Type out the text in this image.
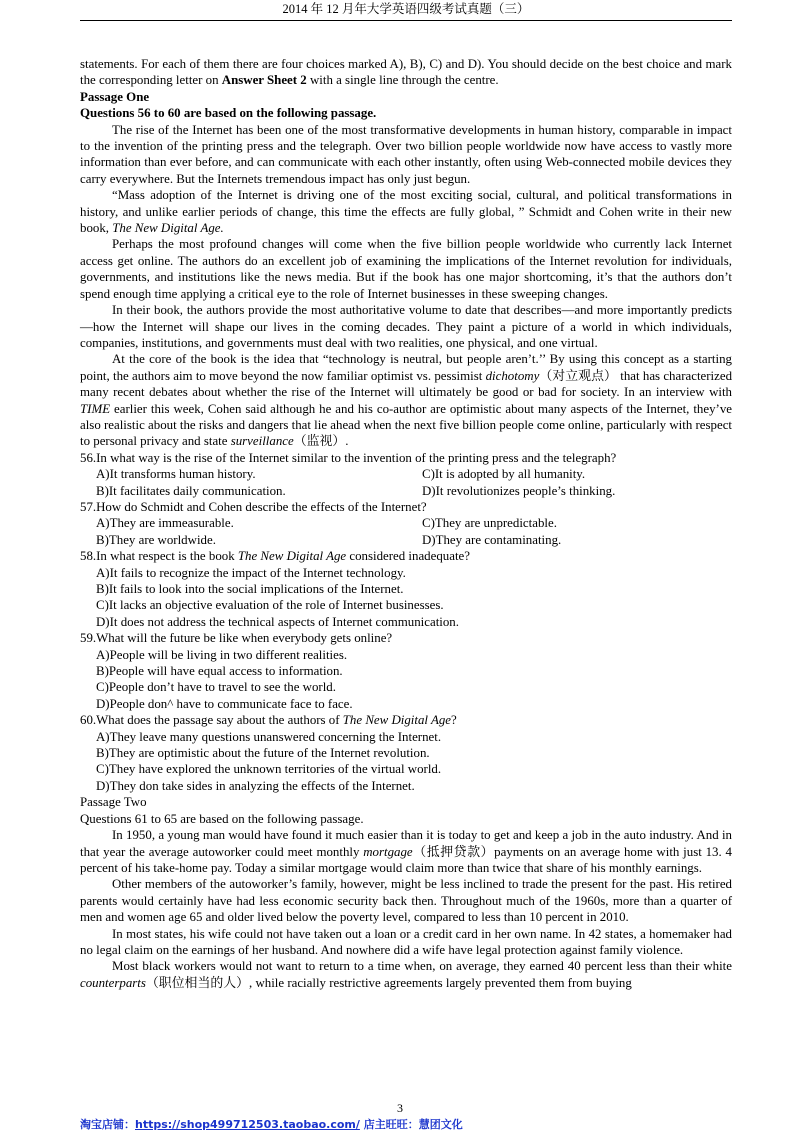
2014 年 12 月年大学英语四级考试真题（三）

statements. For each of them there are four choices marked A), B), C) and D). You should decide on the best choice and mark the corresponding letter on Answer Sheet 2 with a single line through the centre.

Passage One

Questions 56 to 60 are based on the following passage.

The rise of the Internet has been one of the most transformative developments in human history, comparable in impact to the invention of the printing press and the telegraph. Over two billion people worldwide now have access to vastly more information than ever before, and can communicate with each other instantly, often using Web-connected mobile devices they carry everywhere. But the Internets tremendous impact has only just begun.

“Mass adoption of the Internet is driving one of the most exciting social, cultural, and political transformations in history, and unlike earlier periods of change, this time the effects are fully global, ” Schmidt and Cohen write in their new book, The New Digital Age.

Perhaps the most profound changes will come when the five billion people worldwide who currently lack Internet access get online. The authors do an excellent job of examining the implications of the Internet revolution for individuals, governments, and institutions like the news media. But if the book has one major shortcoming, it’s that the authors don’t spend enough time applying a critical eye to the role of Internet businesses in these sweeping changes.

In their book, the authors provide the most authoritative volume to date that describes—and more importantly predicts—how the Internet will shape our lives in the coming decades. They paint a picture of a world in which individuals, companies, institutions, and governments must deal with two realities, one physical, and one virtual.

At the core of the book is the idea that “technology is neutral, but people aren’t.’’ By using this concept as a starting point, the authors aim to move beyond the now familiar optimist vs. pessimist dichotomy（对立观点） that has characterized many recent debates about whether the rise of the Internet will ultimately be good or bad for society. In an interview with TIME earlier this week, Cohen said although he and his co-author are optimistic about many aspects of the Internet, they’ve also realistic about the risks and dangers that lie ahead when the next five billion people come online, particularly with respect to personal privacy and state surveillance（监视）.

56.In what way is the rise of the Internet similar to the invention of the printing press and the telegraph?

A)It transforms human history.	C)It is adopted by all humanity.
B)It facilitates daily communication.	D)It revolutionizes people’s thinking.

57.How do Schmidt and Cohen describe the effects of the Internet?

A)They are immeasurable.	C)They are unpredictable.
B)They are worldwide.	D)They are contaminating.

58.In what respect is the book The New Digital Age considered inadequate?

A)It fails to recognize the impact of the Internet technology.
B)It fails to look into the social implications of the Internet.
C)It lacks an objective evaluation of the role of Internet businesses.
D)It does not address the technical aspects of Internet communication.

59.What will the future be like when everybody gets online?

A)People will be living in two different realities.
B)People will have equal access to information.
C)People don’t have to travel to see the world.
D)People don^ have to communicate face to face.

60.What does the passage say about the authors of The New Digital Age?

A)They leave many questions unanswered concerning the Internet.
B)They are optimistic about the future of the Internet revolution.
C)They have explored the unknown territories of the virtual world.
D)They don take sides in analyzing the effects of the Internet.

Passage Two

Questions 61 to 65 are based on the following passage.

In 1950, a young man would have found it much easier than it is today to get and keep a job in the auto industry. And in that year the average autoworker could meet monthly mortgage（抵押贷款）payments on an average home with just 13. 4 percent of his take-home pay. Today a similar mortgage would claim more than twice that share of his monthly earnings.

Other members of the autoworker’s family, however, might be less inclined to trade the present for the past. His retired parents would certainly have had less economic security back then. Throughout much of the 1960s, more than a quarter of men and women age 65 and older lived below the poverty level, compared to less than 10 percent in 2010.

In most states, his wife could not have taken out a loan or a credit card in her own name. In 42 states, a homemaker had no legal claim on the earnings of her husband. And nowhere did a wife have legal protection against family violence.

Most black workers would not want to return to a time when, on average, they earned 40 percent less than their white counterparts（职位相当的人）, while racially restrictive agreements largely prevented them from buying

3
淘宝店铺：https://shop499712503.taobao.com/ 店主旺旺：慧团文化
